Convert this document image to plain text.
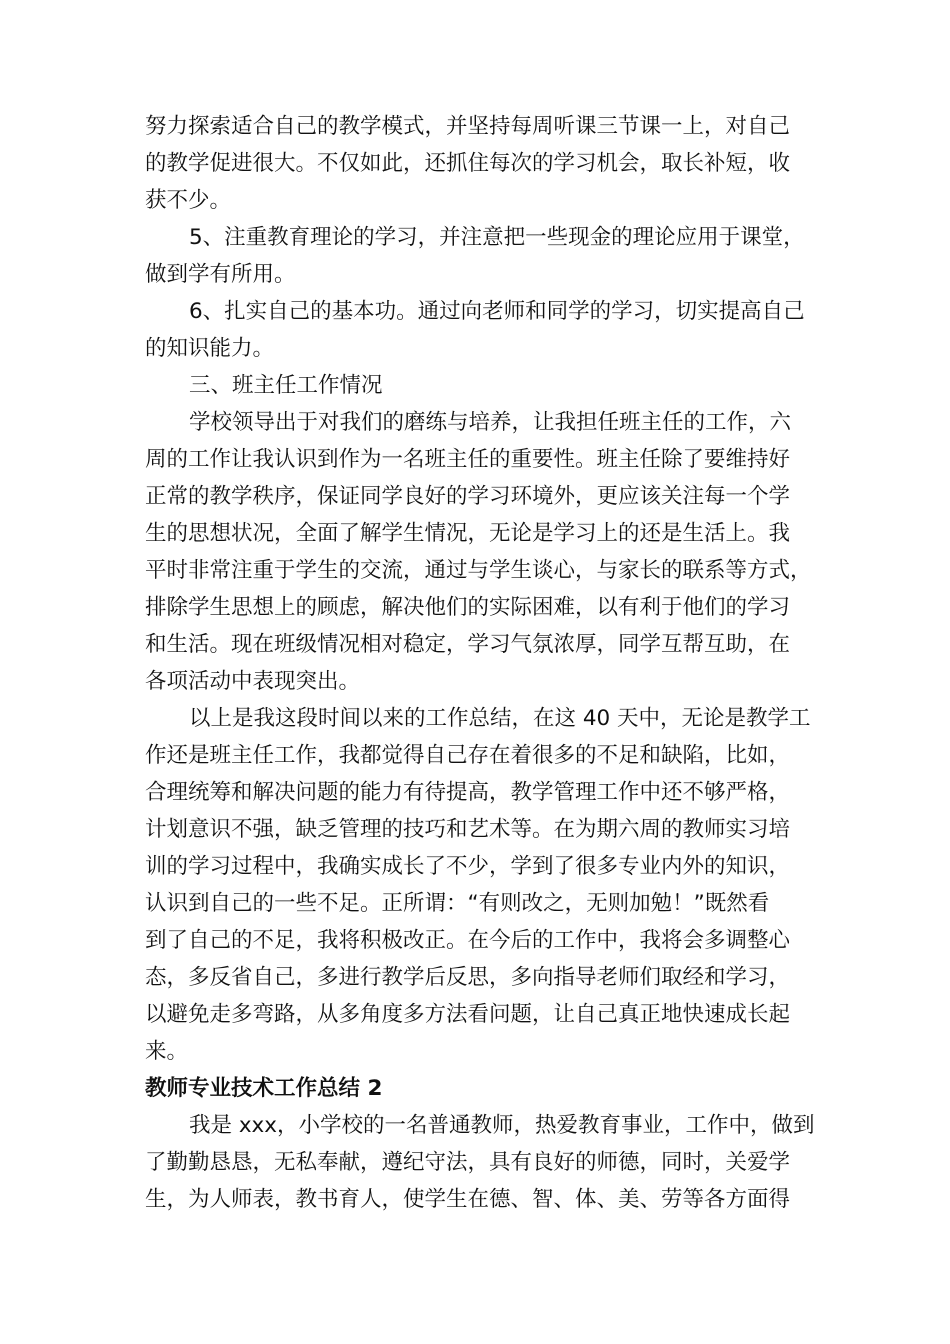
努力探索适合自己的教学模式，并坚持每周听课三节课一上，对自己
的教学促进很大。不仅如此，还抓住每次的学习机会，取长补短，收
获不少。
5、注重教育理论的学习，并注意把一些现金的理论应用于课堂，
做到学有所用。
6、扎实自己的基本功。通过向老师和同学的学习，切实提高自己
的知识能力。
三、班主任工作情况
学校领导出于对我们的磨练与培养，让我担任班主任的工作，六
周的工作让我认识到作为一名班主任的重要性。班主任除了要维持好
正常的教学秩序，保证同学良好的学习环境外，更应该关注每一个学
生的思想状况，全面了解学生情况，无论是学习上的还是生活上。我
平时非常注重于学生的交流，通过与学生谈心，与家长的联系等方式，
排除学生思想上的顾虑，解决他们的实际困难，以有利于他们的学习
和生活。现在班级情况相对稳定，学习气氛浓厚，同学互帮互助，在
各项活动中表现突出。
以上是我这段时间以来的工作总结，在这 40 天中，无论是教学工
作还是班主任工作，我都觉得自己存在着很多的不足和缺陷，比如，
合理统筹和解决问题的能力有待提高，教学管理工作中还不够严格，
计划意识不强，缺乏管理的技巧和艺术等。在为期六周的教师实习培
训的学习过程中，我确实成长了不少，学到了很多专业内外的知识，
认识到自己的一些不足。正所谓：“有则改之，无则加勉！”既然看
到了自己的不足，我将积极改正。在今后的工作中，我将会多调整心
态，多反省自己，多进行教学后反思，多向指导老师们取经和学习，
以避免走多弯路，从多角度多方法看问题，让自己真正地快速成长起
来。
教师专业技术工作总结 2
我是 xxx，小学校的一名普通教师，热爱教育事业，工作中，做到
了勤勤恳恳，无私奉献，遵纪守法，具有良好的师德，同时，关爱学
生，为人师表，教书育人，使学生在德、智、体、美、劳等各方面得
